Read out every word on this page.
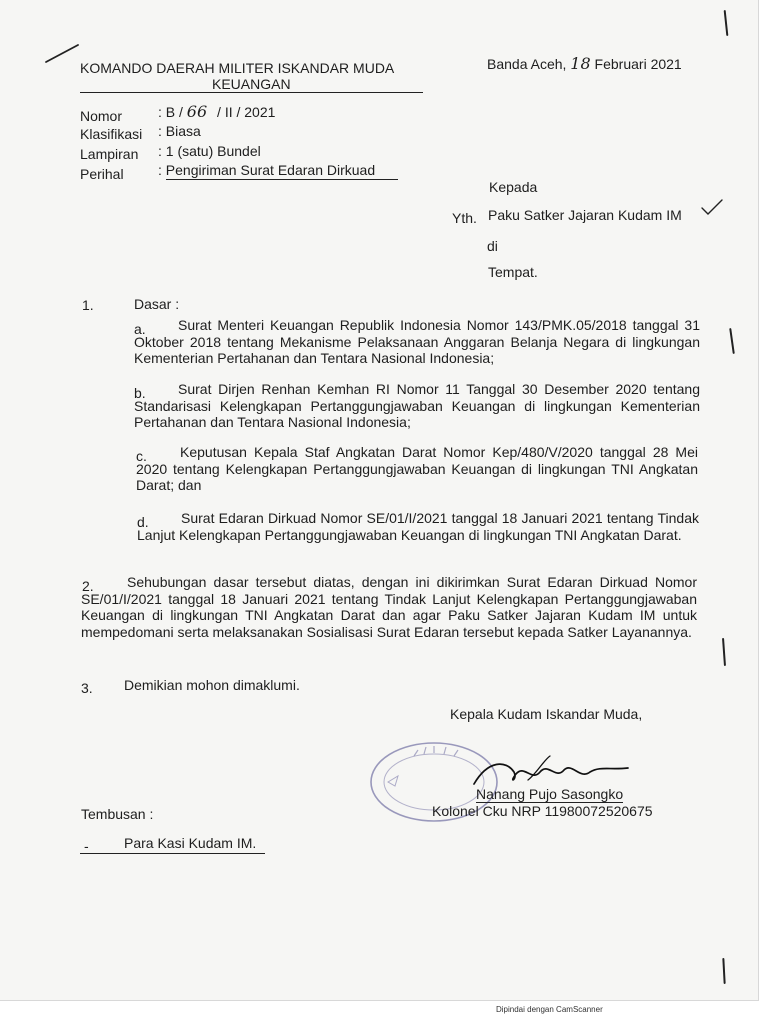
KOMANDO DAERAH MILITER ISKANDAR MUDA
KEUANGAN
Banda Aceh, 18 Februari 2021
Nomor	: B / 66 / II / 2021
Klasifikasi : Biasa
Lampiran : 1 (satu) Bundel
Perihal : Pengiriman Surat Edaran Dirkuad
Kepada
Yth. Paku Satker Jajaran Kudam IM
di
Tempat.
1.	Dasar :
a.	Surat Menteri Keuangan Republik Indonesia Nomor 143/PMK.05/2018 tanggal 31 Oktober 2018 tentang Mekanisme Pelaksanaan Anggaran Belanja Negara di lingkungan Kementerian Pertahanan dan Tentara Nasional Indonesia;
b.	Surat Dirjen Renhan Kemhan RI Nomor 11 Tanggal 30 Desember 2020 tentang Standarisasi Kelengkapan Pertanggungjawaban Keuangan di lingkungan Kementerian Pertahanan dan Tentara Nasional Indonesia;
c.	Keputusan Kepala Staf Angkatan Darat Nomor Kep/480/V/2020 tanggal 28 Mei 2020 tentang Kelengkapan Pertanggungjawaban Keuangan di lingkungan TNI Angkatan Darat; dan
d.	Surat Edaran Dirkuad Nomor SE/01/I/2021 tanggal 18 Januari 2021 tentang Tindak Lanjut Kelengkapan Pertanggungjawaban Keuangan di lingkungan TNI Angkatan Darat.
2.	Sehubungan dasar tersebut diatas, dengan ini dikirimkan Surat Edaran Dirkuad Nomor SE/01/I/2021 tanggal 18 Januari 2021 tentang Tindak Lanjut Kelengkapan Pertanggungjawaban Keuangan di lingkungan TNI Angkatan Darat dan agar Paku Satker Jajaran Kudam IM untuk mempedomani serta melaksanakan Sosialisasi Surat Edaran tersebut kepada Satker Layanannya.
3. Demikian mohon dimaklumi.
Kepala Kudam Iskandar Muda,
Nanang Pujo Sasongko
Kolonel Cku NRP 11980072520675
Tembusan :
-	Para Kasi Kudam IM.
Dipindai dengan CamScanner
